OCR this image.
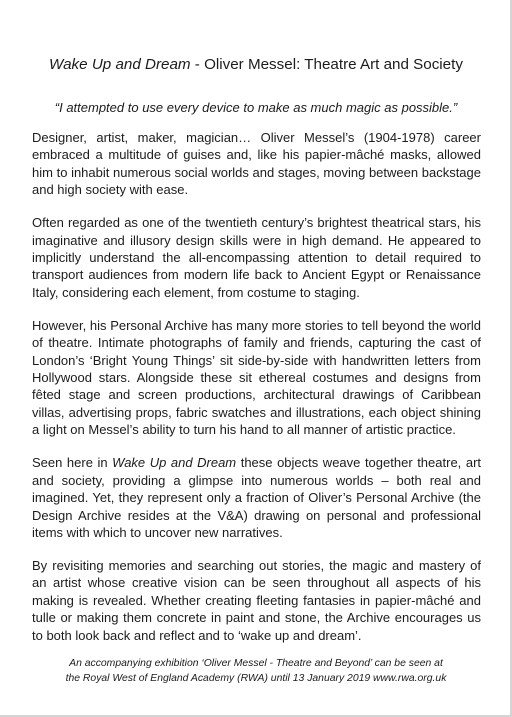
Wake Up and Dream - Oliver Messel: Theatre Art and Society
“I attempted to use every device to make as much magic as possible.”

Designer, artist, maker, magician… Oliver Messel’s (1904-1978) career embraced a multitude of guises and, like his papier-mâché masks, allowed him to inhabit numerous social worlds and stages, moving between backstage and high society with ease.

Often regarded as one of the twentieth century’s brightest theatrical stars, his imaginative and illusory design skills were in high demand. He appeared to implicitly understand the all-encompassing attention to detail required to transport audiences from modern life back to Ancient Egypt or Renaissance Italy, considering each element, from costume to staging.

However, his Personal Archive has many more stories to tell beyond the world of theatre. Intimate photographs of family and friends, capturing the cast of London’s ‘Bright Young Things’ sit side-by-side with handwritten letters from Hollywood stars. Alongside these sit ethereal costumes and designs from fêted stage and screen productions, architectural drawings of Caribbean villas, advertising props, fabric swatches and illustrations, each object shining a light on Messel’s ability to turn his hand to all manner of artistic practice.

Seen here in Wake Up and Dream these objects weave together theatre, art and society, providing a glimpse into numerous worlds – both real and imagined. Yet, they represent only a fraction of Oliver’s Personal Archive (the Design Archive resides at the V&A) drawing on personal and professional items with which to uncover new narratives.

By revisiting memories and searching out stories, the magic and mastery of an artist whose creative vision can be seen throughout all aspects of his making is revealed. Whether creating fleeting fantasies in papier-mâché and tulle or making them concrete in paint and stone, the Archive encourages us to both look back and reflect and to ‘wake up and dream’.

An accompanying exhibition ‘Oliver Messel - Theatre and Beyond’ can be seen at
the Royal West of England Academy (RWA) until 13 January 2019 www.rwa.org.uk
